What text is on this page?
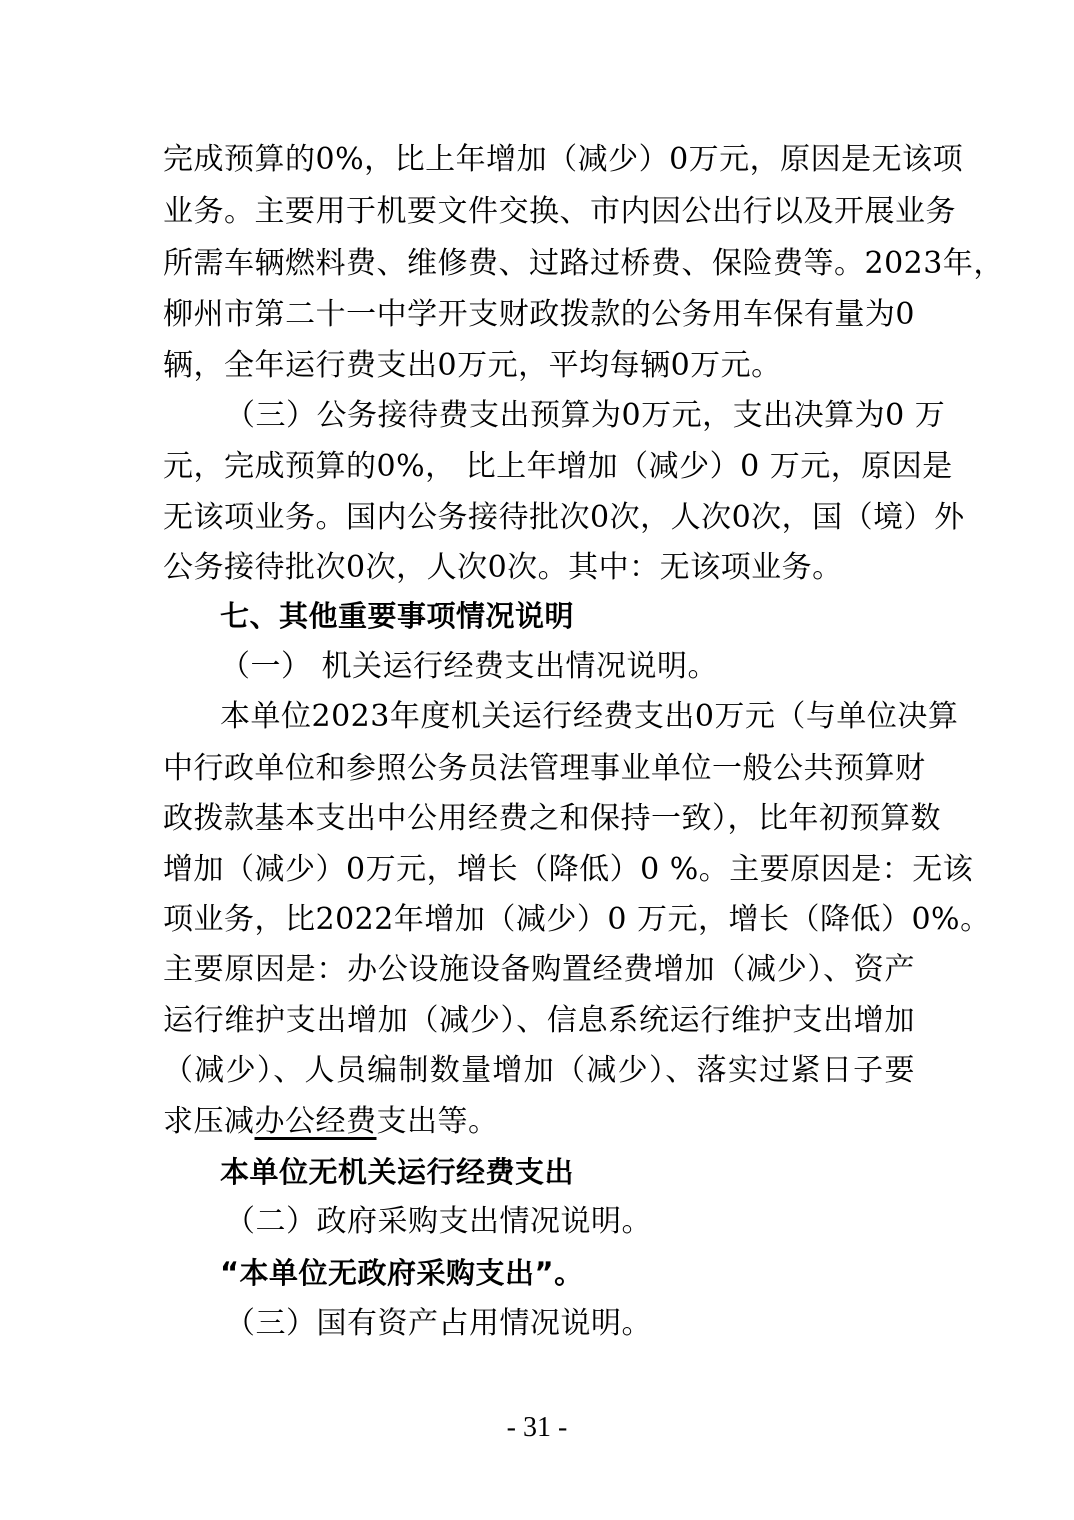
完成预算的0%，比上年增加（减少）0万元，原因是无该项
业务。主要用于机要文件交换、市内因公出行以及开展业务
所需车辆燃料费、维修费、过路过桥费、保险费等。2023年，
柳州市第二十一中学开支财政拨款的公务用车保有量为0
辆，全年运行费支出0万元，平均每辆0万元。
（三）公务接待费支出预算为0万元，支出决算为0 万
元，完成预算的0%， 比上年增加（减少）0 万元，原因是
无该项业务。国内公务接待批次0次，人次0次，国（境）外
公务接待批次0次，人次0次。其中：无该项业务。
七、其他重要事项情况说明
（一） 机关运行经费支出情况说明。
本单位2023年度机关运行经费支出0万元（与单位决算
中行政单位和参照公务员法管理事业单位一般公共预算财
政拨款基本支出中公用经费之和保持一致），比年初预算数
增加（减少）0万元，增长（降低）0 %。主要原因是：无该
项业务，比2022年增加（减少）0 万元，增长（降低）0%。
主要原因是：办公设施设备购置经费增加（减少）、资产
运行维护支出增加（减少）、信息系统运行维护支出增加
（减少）、人员编制数量增加（减少）、落实过紧日子要
求压减办公经费支出等。
本单位无机关运行经费支出
（二）政府采购支出情况说明。
“本单位无政府采购支出”。
（三）国有资产占用情况说明。
- 31 -
